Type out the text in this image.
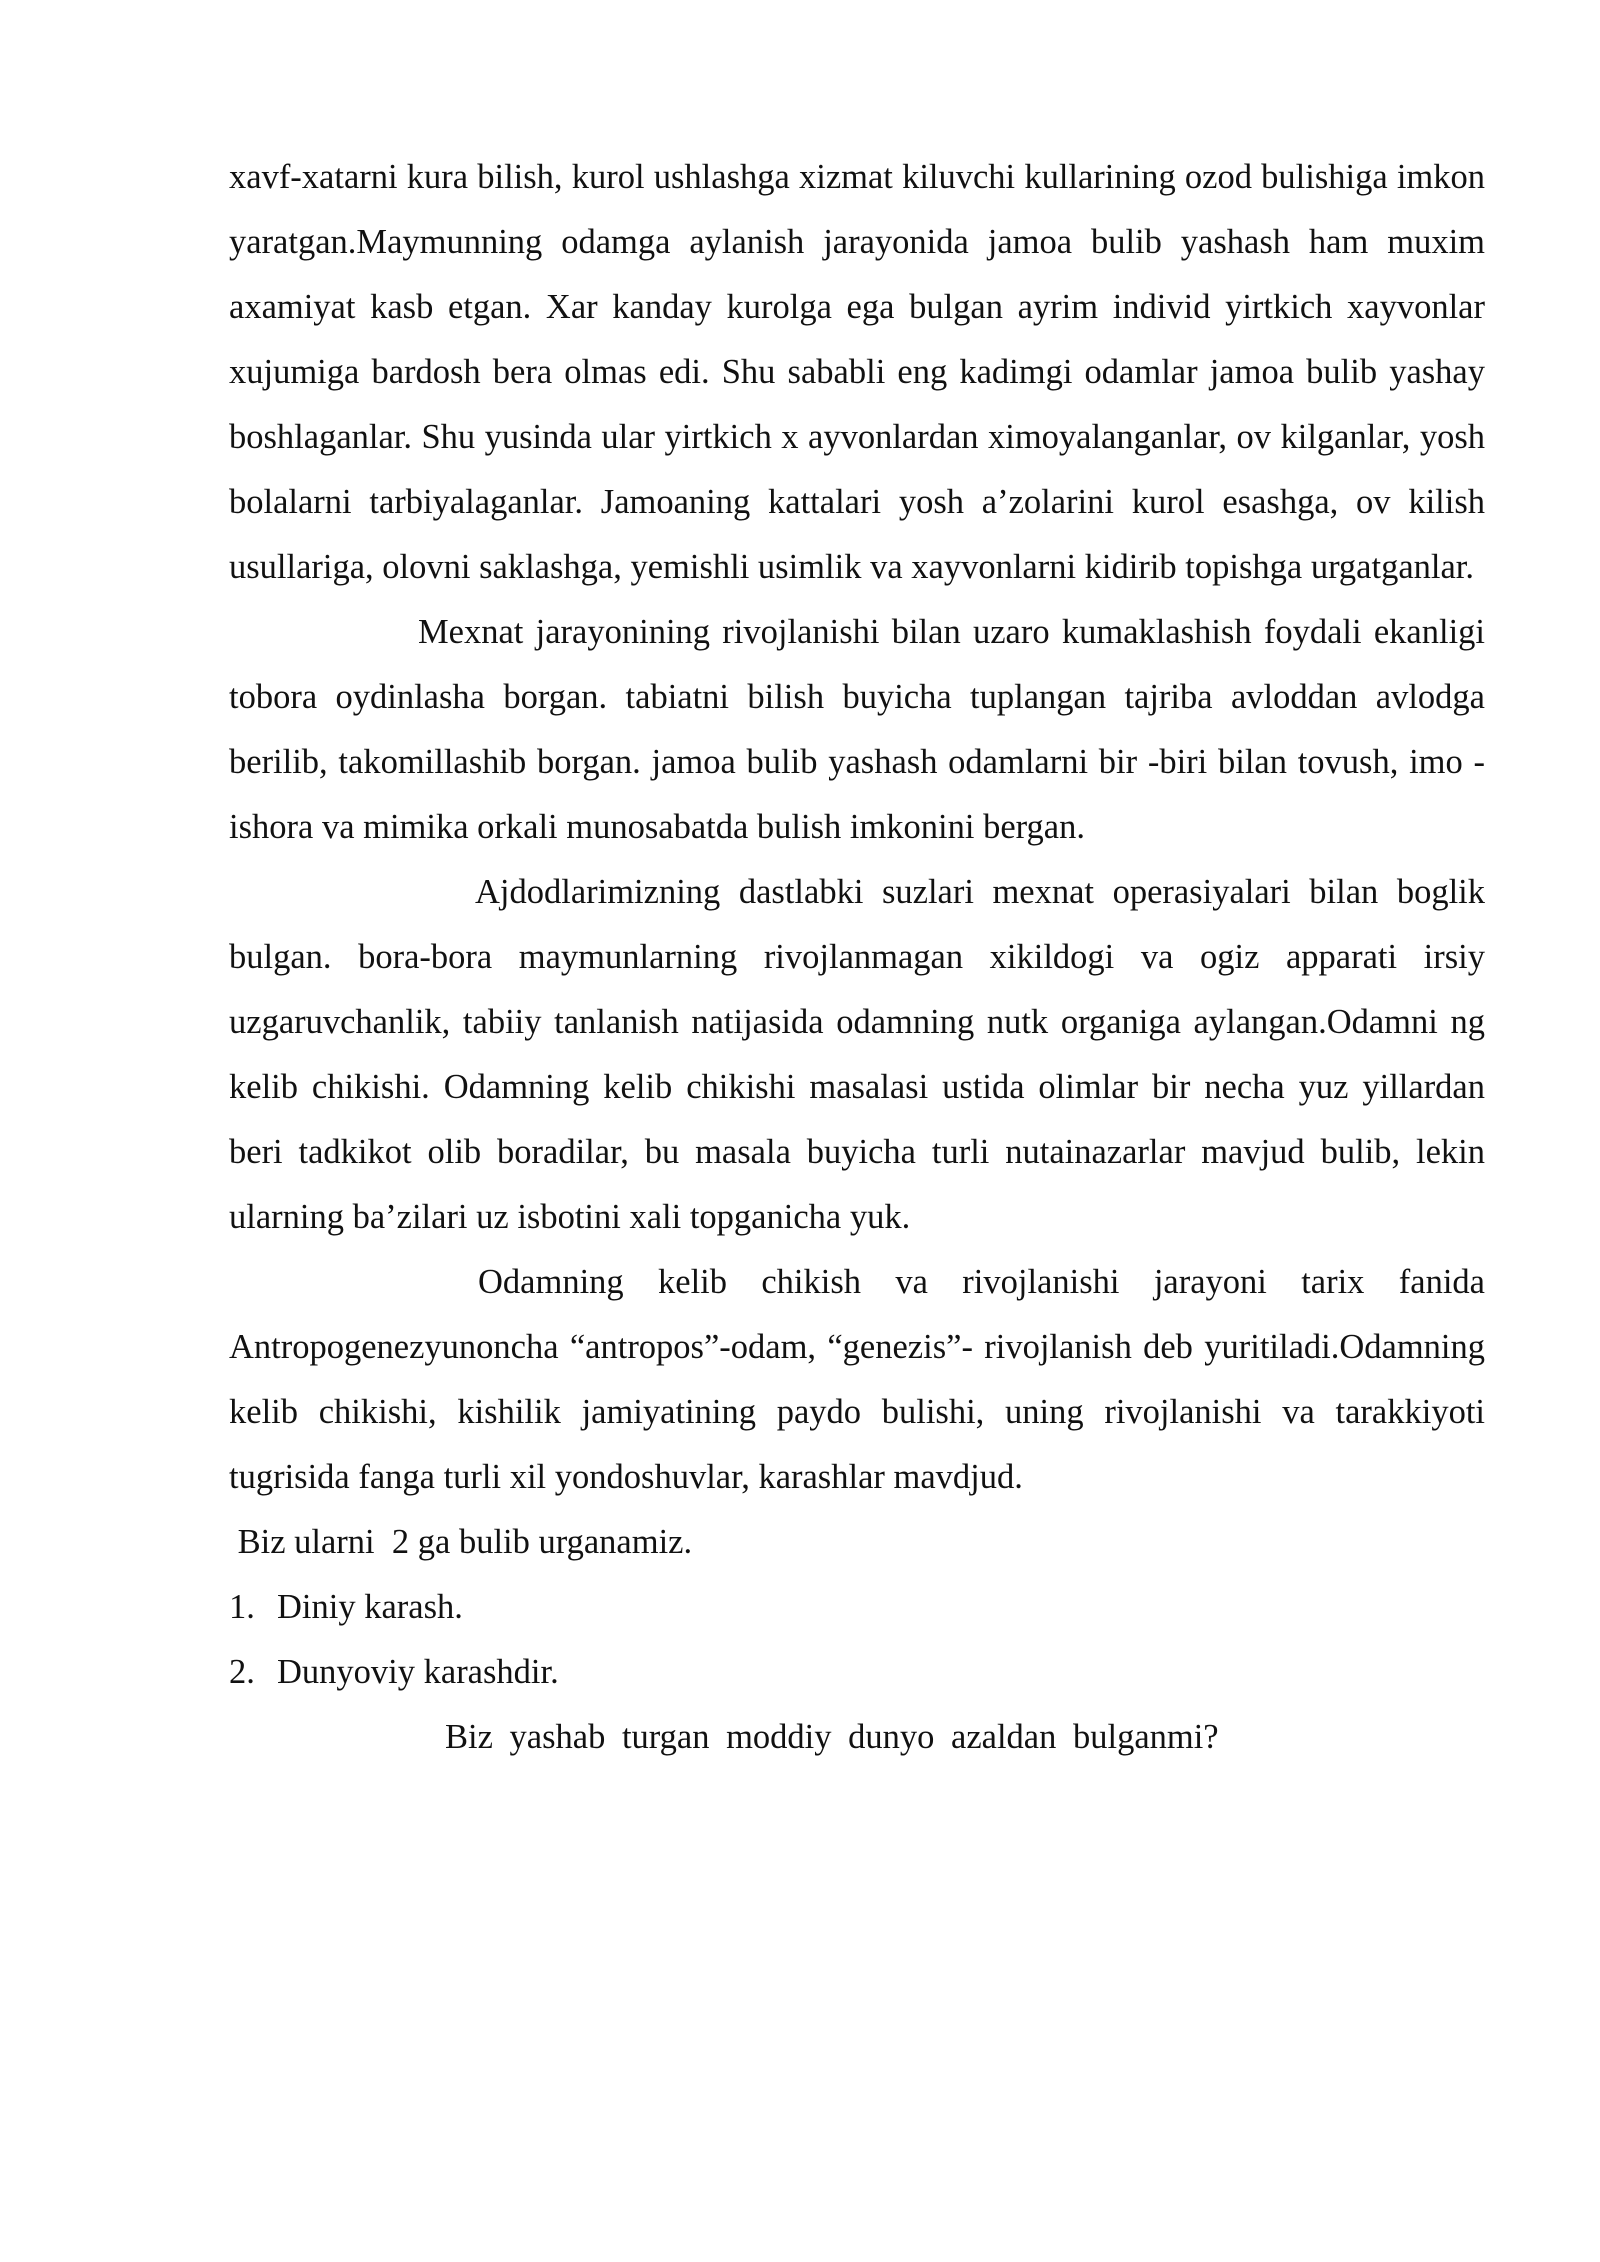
xavf-xatarni kura bilish, kurol ushlashga xizmat kiluvchi kullarining ozod bulishiga imkon yaratgan.Maymunning odamga aylanish jarayonida jamoa bulib yashash ham muxim axamiyat kasb etgan. Xar kanday kurolga ega bulgan ayrim individ yirtkich xayvonlar xujumiga bardosh bera olmas edi. Shu sababli eng kadimgi odamlar jamoa bulib yashay boshlaganlar. Shu yusinda ular yirtkich x ayvonlardan ximoyalanganlar, ov kilganlar, yosh bolalarni tarbiyalaganlar. Jamoaning kattalari yosh a’zolarini kurol esashga, ov kilish usullariga, olovni saklashga, yemishli usimlik va xayvonlarni kidirib topishga urgatganlar.

Mexnat jarayonining rivojlanishi bilan uzaro kumaklashish foydali ekanligi tobora oydinlasha borgan. tabiatni bilish buyicha tuplangan tajriba avloddan avlodga berilib, takomillashib borgan. jamoa bulib yashash odamlarni bir -biri bilan tovush, imo -ishora va mimika orkali munosabatda bulish imkonini bergan.

Ajdodlarimizning dastlabki suzlari mexnat operasiyalari bilan boglik bulgan. bora-bora maymunlarning rivojlanmagan xikildogi va ogiz apparati irsiy uzgaruvchanlik, tabiiy tanlanish natijasida odamning nutk organiga aylangan.Odamni ng kelib chikishi. Odamning kelib chikishi masalasi ustida olimlar bir necha yuz yillardan beri tadkikot olib boradilar, bu masala buyicha turli nutainazarlar mavjud bulib, lekin ularning ba’zilari uz isbotini xali topganicha yuk.

Odamning kelib chikish va rivojlanishi jarayoni tarix fanida Antropogenezyunoncha “antropos”-odam, “genezis”- rivojlanish deb yuritiladi.Odamning kelib chikishi, kishilik jamiyatining paydo bulishi, uning rivojlanishi va tarakkiyoti tugrisida fanga turli xil yondoshuvlar, karashlar mavdjud.

Biz ularni  2 ga bulib urganamiz.

1. Diniy karash.
2. Dunyoviy karashdir.

Biz yashab turgan moddiy dunyo azaldan bulganmi?
